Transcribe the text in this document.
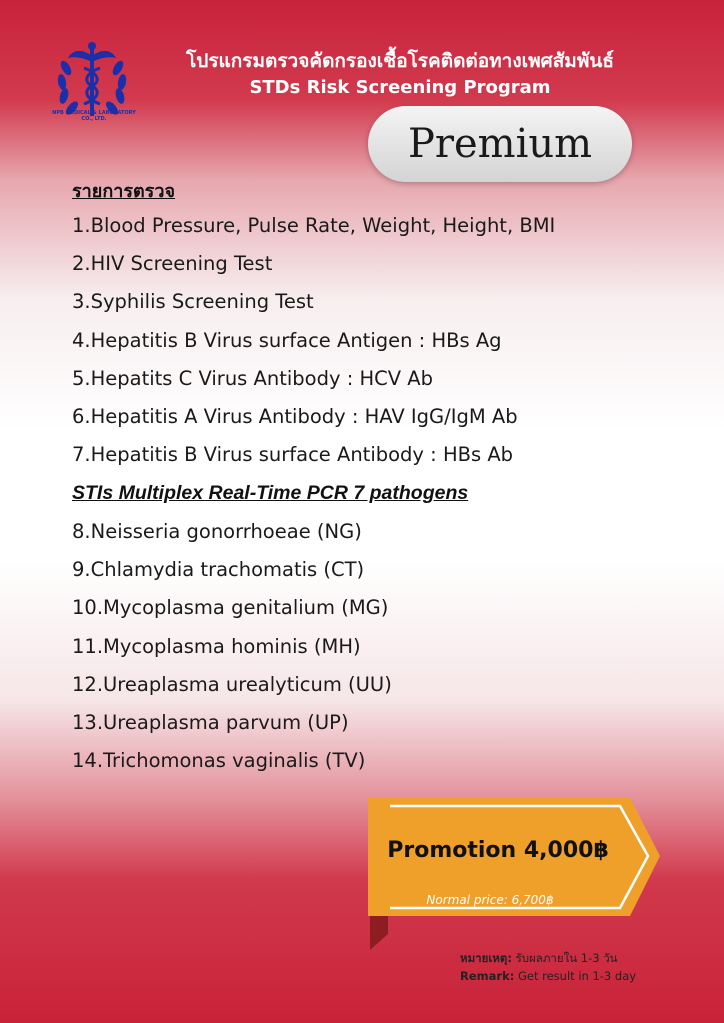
NPB MEDICAL & LABORATORY CO., LTD.
โปรแกรมตรวจคัดกรองเชื้อโรคติดต่อทางเพศสัมพันธ์
STDs Risk Screening Program
Premium
รายการตรวจ
1.Blood Pressure, Pulse Rate, Weight, Height, BMI
2.HIV Screening Test
3.Syphilis Screening Test
4.Hepatitis B Virus surface Antigen : HBs Ag
5.Hepatits C Virus Antibody : HCV Ab
6.Hepatitis A Virus Antibody : HAV IgG/IgM Ab
7.Hepatitis B Virus surface Antibody : HBs Ab
STIs Multiplex Real-Time PCR 7 pathogens
8.Neisseria gonorrhoeae (NG)
9.Chlamydia trachomatis (CT)
10.Mycoplasma genitalium (MG)
11.Mycoplasma hominis (MH)
12.Ureaplasma urealyticum (UU)
13.Ureaplasma parvum (UP)
14.Trichomonas vaginalis (TV)
Promotion 4,000฿
Normal price: 6,700฿
หมายเหตุ: รับผลภายใน 1-3 วัน
Remark: Get result in 1-3 day
